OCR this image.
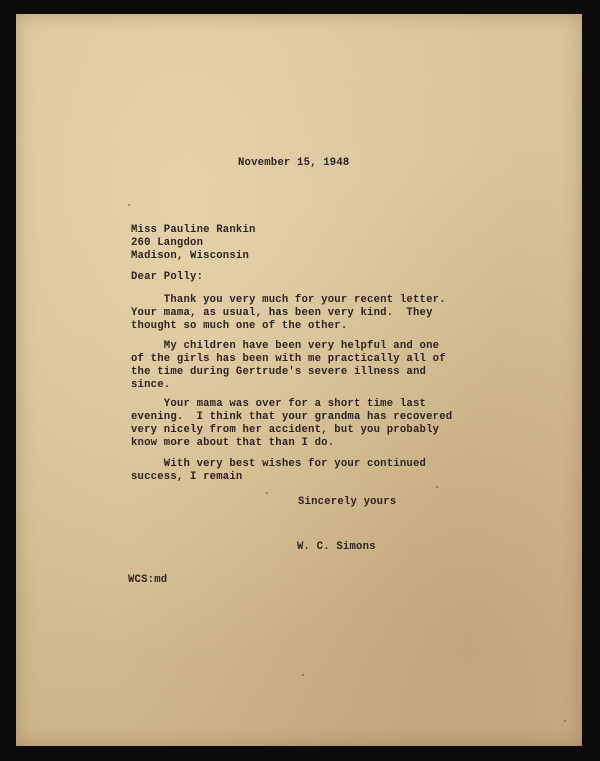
November 15, 1948
Miss Pauline Rankin
260 Langdon
Madison, Wisconsin
Dear Polly:
Thank you very much for your recent letter.
Your mama, as usual, has been very kind.  They
thought so much one of the other.
My children have been very helpful and one
of the girls has been with me practically all of
the time during Gertrude's severe illness and
since.
Your mama was over for a short time last
evening.  I think that your grandma has recovered
very nicely from her accident, but you probably
know more about that than I do.
With very best wishes for your continued
success, I remain
Sincerely yours
W. C. Simons
WCS:md
